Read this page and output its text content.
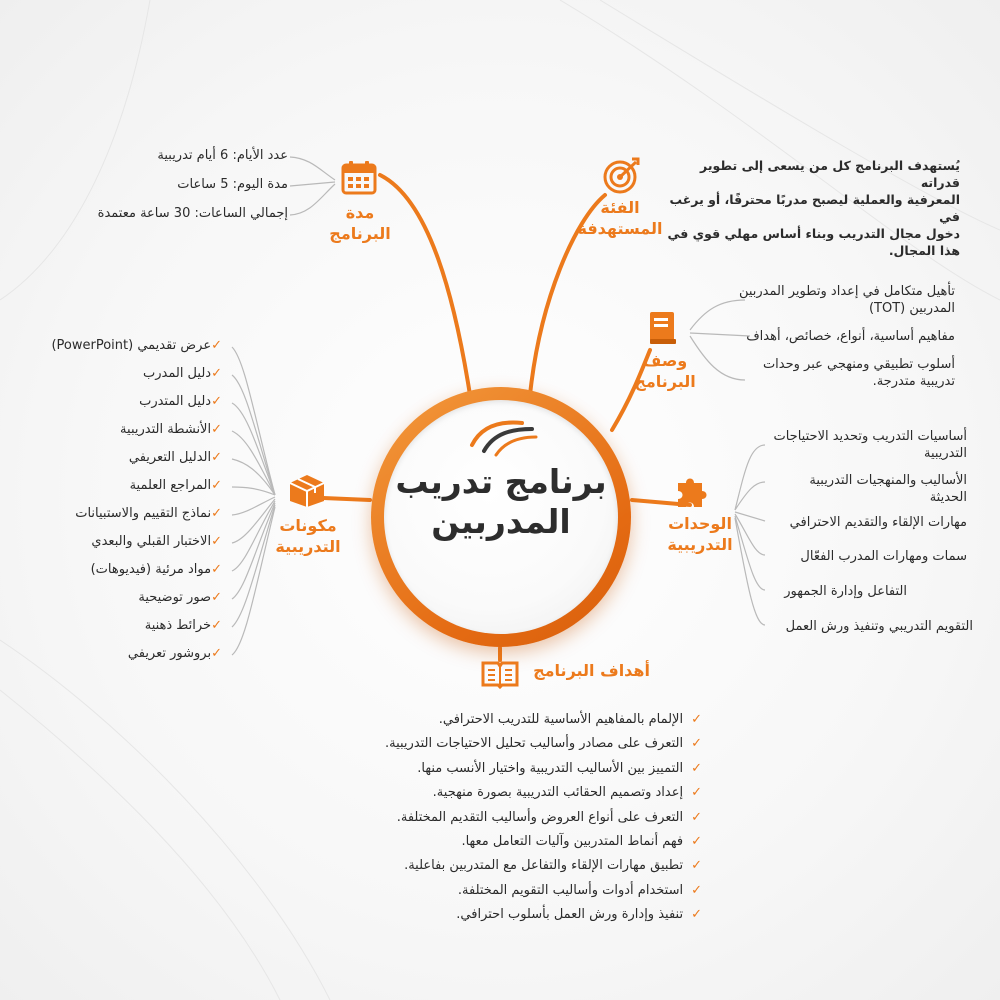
برنامج تدريب
المدربين
مدة
البرنامج
عدد الأيام: 6 أيام تدريبية
مدة اليوم: 5 ساعات
إجمالي الساعات: 30 ساعة معتمدة	الفئة
المستهدفة
يُستهدف البرنامج كل من يسعى إلى تطوير قدراته
المعرفية والعملية ليصبح مدربًا محترفًا، أو يرغب في
دخول مجال التدريب وبناء أساس مهلي قوي في
هذا المجال.
وصف
البرنامج
تأهيل متكامل في إعداد وتطوير المدربين
المدربين (TOT)
مفاهيم أساسية، أنواع، خصائص، أهداف
أسلوب تطبيقي ومنهجي عبر وحدات
تدريبية متدرجة.
الوحدات
التدريبية
أساسيات التدريب وتحديد الاحتياجات
التدريبية
الأساليب والمنهجيات التدريبية
الحديثة
مهارات الإلقاء والتقديم الاحترافي
سمات ومهارات المدرب الفعّال
التفاعل وإدارة الجمهور
التقويم التدريبي وتنفيذ ورش العمل
مكونات
التدريبية
✓عرض تقديمي (PowerPoint)
✓دليل المدرب
✓دليل المتدرب
✓الأنشطة التدريبية
✓الدليل التعريفي
✓المراجع العلمية
✓نماذج التقييم والاستبيانات
✓الاختبار القبلي والبعدي
✓مواد مرئية (فيديوهات)
✓صور توضيحية
✓خرائط ذهنية
✓بروشور تعريفي
أهداف البرنامج
✓الإلمام بالمفاهيم الأساسية للتدريب الاحترافي.
✓التعرف على مصادر وأساليب تحليل الاحتياجات التدريبية.
✓التمييز بين الأساليب التدريبية واختيار الأنسب منها.
✓إعداد وتصميم الحقائب التدريبية بصورة منهجية.
✓التعرف على أنواع العروض وأساليب التقديم المختلفة.
✓فهم أنماط المتدربين وآليات التعامل معها.
✓تطبيق مهارات الإلقاء والتفاعل مع المتدربين بفاعلية.
✓استخدام أدوات وأساليب التقويم المختلفة.
✓تنفيذ وإدارة ورش العمل بأسلوب احترافي.
